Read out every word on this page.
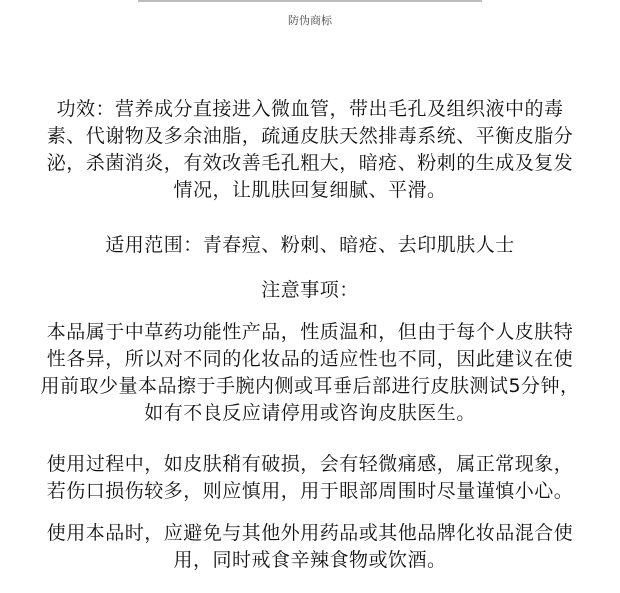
防伪商标
功效：营养成分直接进入微血管，带出毛孔及组织液中的毒
素、代谢物及多余油脂，疏通皮肤天然排毒系统、平衡皮脂分
泌，杀菌消炎，有效改善毛孔粗大，暗疮、粉刺的生成及复发
情况，让肌肤回复细腻、平滑。
适用范围：青春痘、粉刺、暗疮、去印肌肤人士
注意事项：
本品属于中草药功能性产品，性质温和，但由于每个人皮肤特
性各异，所以对不同的化妆品的适应性也不同，因此建议在使
用前取少量本品擦于手腕内侧或耳垂后部进行皮肤测试5分钟，
如有不良反应请停用或咨询皮肤医生。
使用过程中，如皮肤稍有破损，会有轻微痛感，属正常现象，
若伤口损伤较多，则应慎用，用于眼部周围时尽量谨慎小心。
使用本品时，应避免与其他外用药品或其他品牌化妆品混合使
用，同时戒食辛辣食物或饮酒。
